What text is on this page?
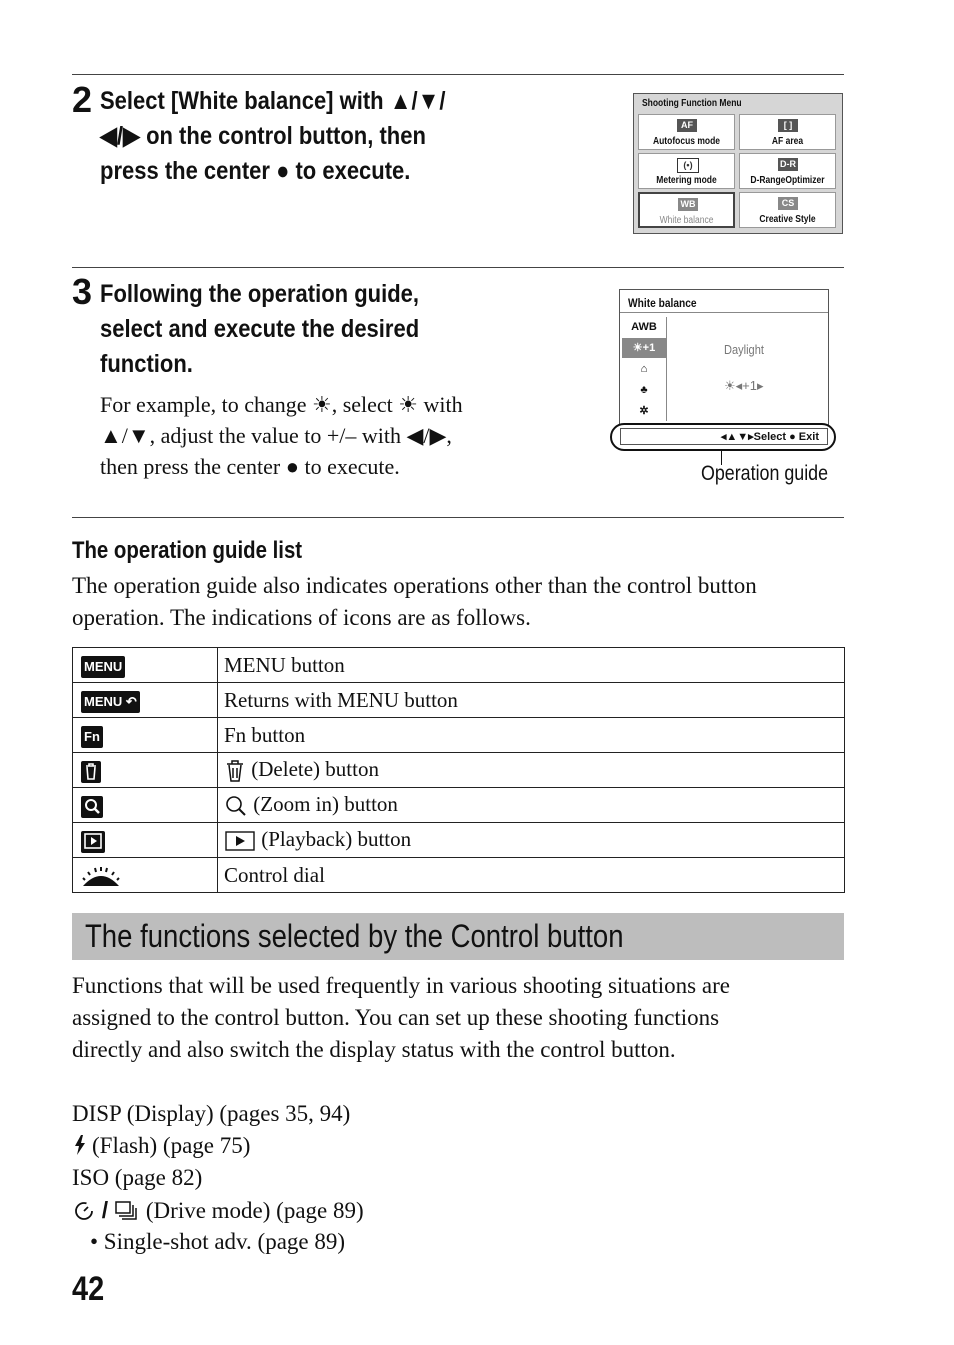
2 Select [White balance] with ▲/▼/
◀/▶ on the control button, then
press the center ● to execute.
Shooting Function Menu
AF
Autofocus mode
[ ]
AF area
(•)
Metering mode
D-R
D-RangeOptimizer
WB
White balance
CS
Creative Style
3 Following the operation guide,
select and execute the desired
function.
For example, to change ☀, select ☀ with
▲/▼, adjust the value to +/– with ◀/▶,
then press the center ● to execute.
White balance
AWB
☀+1
⌂
♣
✲
Daylight
☀◂+1▸
◂▲▼▸Select ● Exit
Operation guide
The operation guide list
The operation guide also indicates operations other than the control button
operation. The indications of icons are as follows.
MENU	MENU button
MENU ↶	Returns with MENU button
Fn	Fn button
	(Delete) button
	(Zoom in) button
	(Playback) button
	Control dial
The functions selected by the Control button
Functions that will be used frequently in various shooting situations are
assigned to the control button. You can set up these shooting functions
directly and also switch the display status with the control button.
DISP (Display) (pages 35, 94)
(Flash) (page 75)
ISO (page 82)
/ (Drive mode) (page 89)
• Single-shot adv. (page 89)
42
